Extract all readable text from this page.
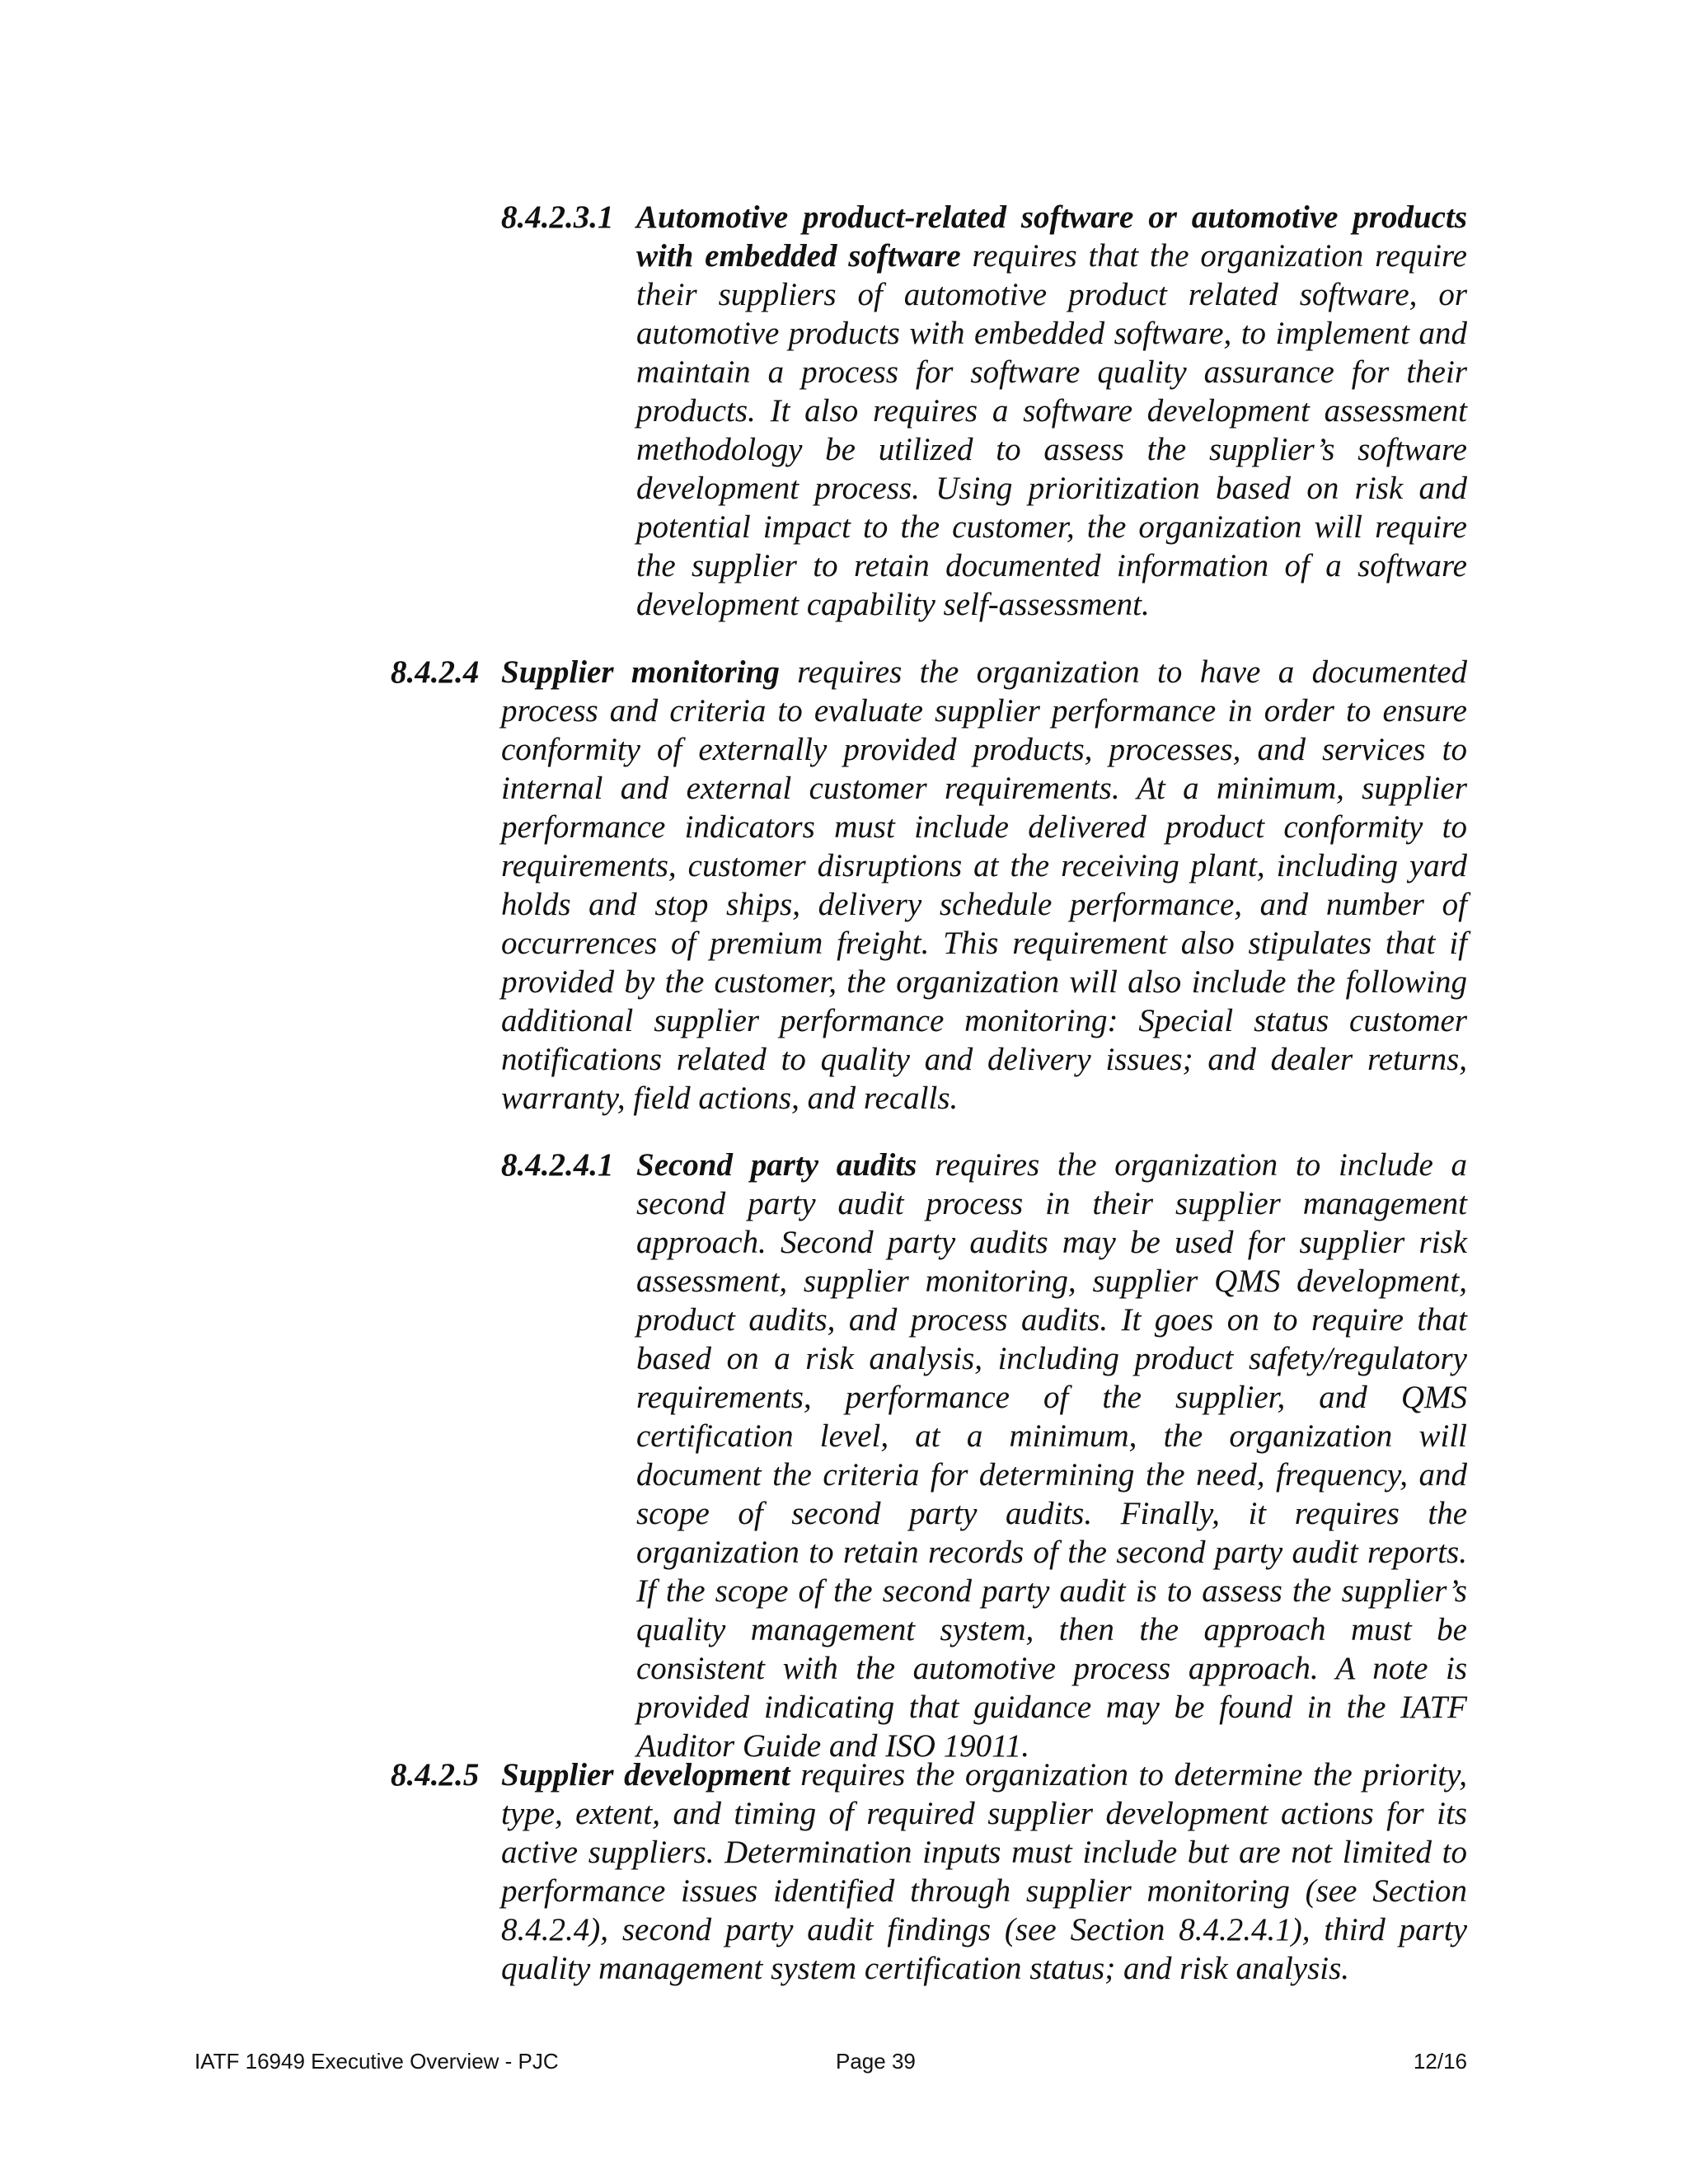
8.4.2.3.1 Automotive product-related software or automotive products with embedded software requires that the organization require their suppliers of automotive product related software, or automotive products with embedded software, to implement and maintain a process for software quality assurance for their products. It also requires a software development assessment methodology be utilized to assess the supplier’s software development process. Using prioritization based on risk and potential impact to the customer, the organization will require the supplier to retain documented information of a software development capability self-assessment.

8.4.2.4 Supplier monitoring requires the organization to have a documented process and criteria to evaluate supplier performance in order to ensure conformity of externally provided products, processes, and services to internal and external customer requirements. At a minimum, supplier performance indicators must include delivered product conformity to requirements, customer disruptions at the receiving plant, including yard holds and stop ships, delivery schedule performance, and number of occurrences of premium freight. This requirement also stipulates that if provided by the customer, the organization will also include the following additional supplier performance monitoring: Special status customer notifications related to quality and delivery issues; and dealer returns, warranty, field actions, and recalls.

8.4.2.4.1 Second party audits requires the organization to include a second party audit process in their supplier management approach. Second party audits may be used for supplier risk assessment, supplier monitoring, supplier QMS development, product audits, and process audits. It goes on to require that based on a risk analysis, including product safety/regulatory requirements, performance of the supplier, and QMS certification level, at a minimum, the organization will document the criteria for determining the need, frequency, and scope of second party audits. Finally, it requires the organization to retain records of the second party audit reports. If the scope of the second party audit is to assess the supplier’s quality management system, then the approach must be consistent with the automotive process approach. A note is provided indicating that guidance may be found in the IATF Auditor Guide and ISO 19011.

8.4.2.5 Supplier development requires the organization to determine the priority, type, extent, and timing of required supplier development actions for its active suppliers. Determination inputs must include but are not limited to performance issues identified through supplier monitoring (see Section 8.4.2.4), second party audit findings (see Section 8.4.2.4.1), third party quality management system certification status; and risk analysis.

IATF 16949 Executive Overview - PJC	Page 39	12/16
